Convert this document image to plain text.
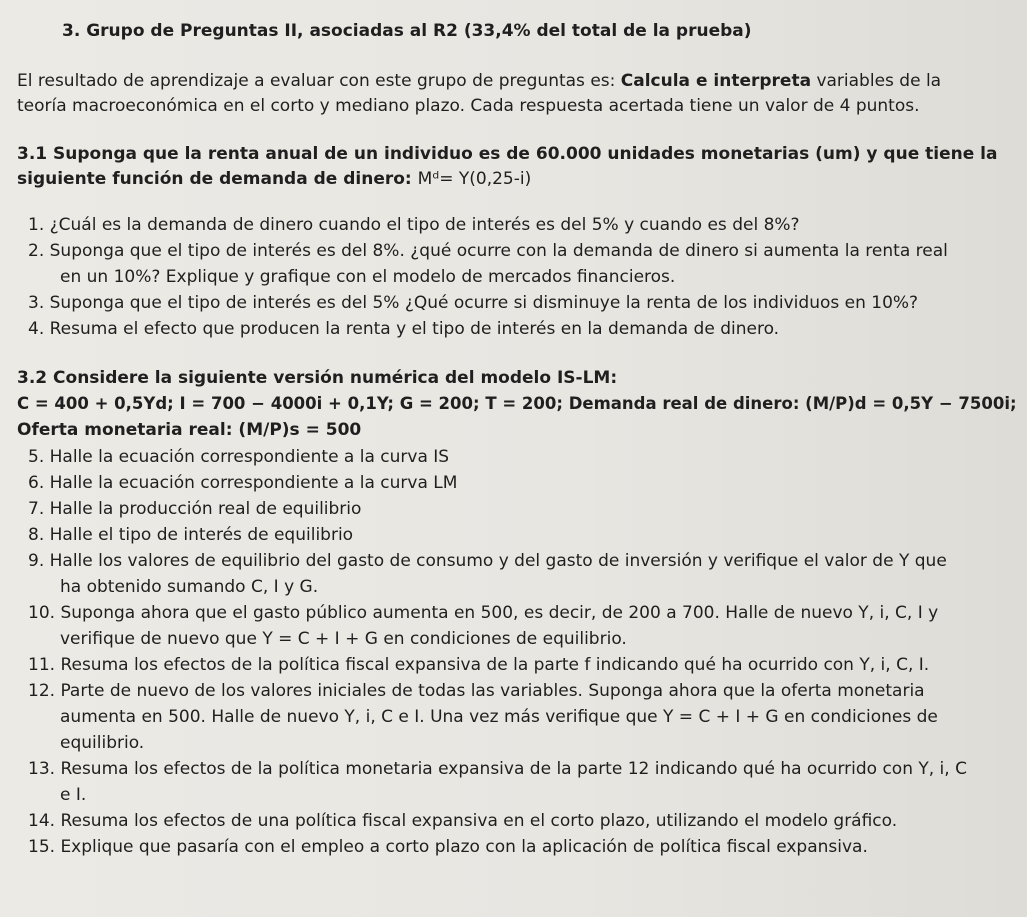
3. Grupo de Preguntas II, asociadas al R2 (33,4% del total de la prueba)
El resultado de aprendizaje a evaluar con este grupo de preguntas es: Calcula e interpreta variables de la
teoría macroeconómica en el corto y mediano plazo. Cada respuesta acertada tiene un valor de 4 puntos.
3.1 Suponga que la renta anual de un individuo es de 60.000 unidades monetarias (um) y que tiene la
siguiente función de demanda de dinero: Mᵈ= Y(0,25-i)
1. ¿Cuál es la demanda de dinero cuando el tipo de interés es del 5% y cuando es del 8%?
2. Suponga que el tipo de interés es del 8%. ¿qué ocurre con la demanda de dinero si aumenta la renta real
en un 10%? Explique y grafique con el modelo de mercados financieros.
3. Suponga que el tipo de interés es del 5% ¿Qué ocurre si disminuye la renta de los individuos en 10%?
4. Resuma el efecto que producen la renta y el tipo de interés en la demanda de dinero.
3.2 Considere la siguiente versión numérica del modelo IS-LM:
C = 400 + 0,5Yd; I = 700 − 4000i + 0,1Y; G = 200; T = 200; Demanda real de dinero: (M/P)d = 0,5Y − 7500i;
Oferta monetaria real: (M/P)s = 500
5. Halle la ecuación correspondiente a la curva IS
6. Halle la ecuación correspondiente a la curva LM
7. Halle la producción real de equilibrio
8. Halle el tipo de interés de equilibrio
9. Halle los valores de equilibrio del gasto de consumo y del gasto de inversión y verifique el valor de Y que
ha obtenido sumando C, I y G.
10. Suponga ahora que el gasto público aumenta en 500, es decir, de 200 a 700. Halle de nuevo Y, i, C, I y
verifique de nuevo que Y = C + I + G en condiciones de equilibrio.
11. Resuma los efectos de la política fiscal expansiva de la parte f indicando qué ha ocurrido con Y, i, C, I.
12. Parte de nuevo de los valores iniciales de todas las variables. Suponga ahora que la oferta monetaria
aumenta en 500. Halle de nuevo Y, i, C e I. Una vez más verifique que Y = C + I + G en condiciones de
equilibrio.
13. Resuma los efectos de la política monetaria expansiva de la parte 12 indicando qué ha ocurrido con Y, i, C
e I.
14. Resuma los efectos de una política fiscal expansiva en el corto plazo, utilizando el modelo gráfico.
15. Explique que pasaría con el empleo a corto plazo con la aplicación de política fiscal expansiva.
